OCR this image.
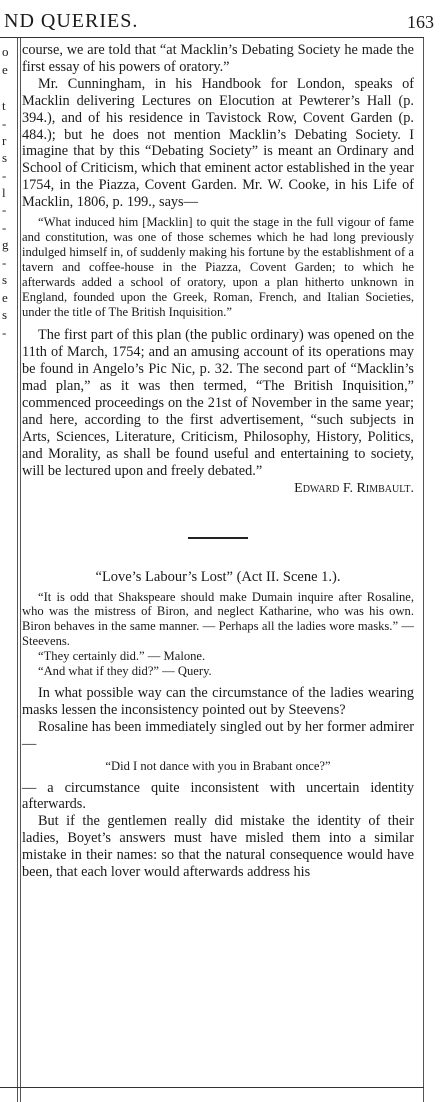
ND QUERIES.	163
o
e
t
-
r
s
-
l
-
-
g
-
s
e
s
-

course, we are told that “at Macklin’s Debating Society he made the first essay of his powers of oratory.”

Mr. Cunningham, in his Handbook for London, speaks of Macklin delivering Lectures on Elocution at Pewterer’s Hall (p. 394.), and of his residence in Tavistock Row, Covent Garden (p. 484.); but he does not mention Macklin’s Debating Society. I imagine that by this “Debating Society” is meant an Ordinary and School of Criticism, which that eminent actor established in the year 1754, in the Piazza, Covent Garden. Mr. W. Cooke, in his Life of Macklin, 1806, p. 199., says—

“What induced him [Macklin] to quit the stage in the full vigour of fame and constitution, was one of those schemes which he had long previously indulged himself in, of suddenly making his fortune by the establishment of a tavern and coffee-house in the Piazza, Covent Garden; to which he afterwards added a school of oratory, upon a plan hitherto unknown in England, founded upon the Greek, Roman, French, and Italian Societies, under the title of The British Inquisition.”

The first part of this plan (the public ordinary) was opened on the 11th of March, 1754; and an amusing account of its operations may be found in Angelo’s Pic Nic, p. 32. The second part of “Macklin’s mad plan,” as it was then termed, “The British Inquisition,” commenced proceedings on the 21st of November in the same year; and here, according to the first advertisement, “such subjects in Arts, Sciences, Literature, Criticism, Philosophy, History, Politics, and Morality, as shall be found useful and entertaining to society, will be lectured upon and freely debated.”

Edward F. Rimbault.

“Love’s Labour’s Lost” (Act II. Scene 1.).

“It is odd that Shakspeare should make Dumain inquire after Rosaline, who was the mistress of Biron, and neglect Katharine, who was his own. Biron behaves in the same manner. — Perhaps all the ladies wore masks.” — Steevens.

“They certainly did.” — Malone.

“And what if they did?” — Query.

In what possible way can the circumstance of the ladies wearing masks lessen the inconsistency pointed out by Steevens?

Rosaline has been immediately singled out by her former admirer —

“Did I not dance with you in Brabant once?”

— a circumstance quite inconsistent with uncertain identity afterwards.

But if the gentlemen really did mistake the identity of their ladies, Boyet’s answers must have misled them into a similar mistake in their names: so that the natural consequence would have been, that each lover would afterwards address his
